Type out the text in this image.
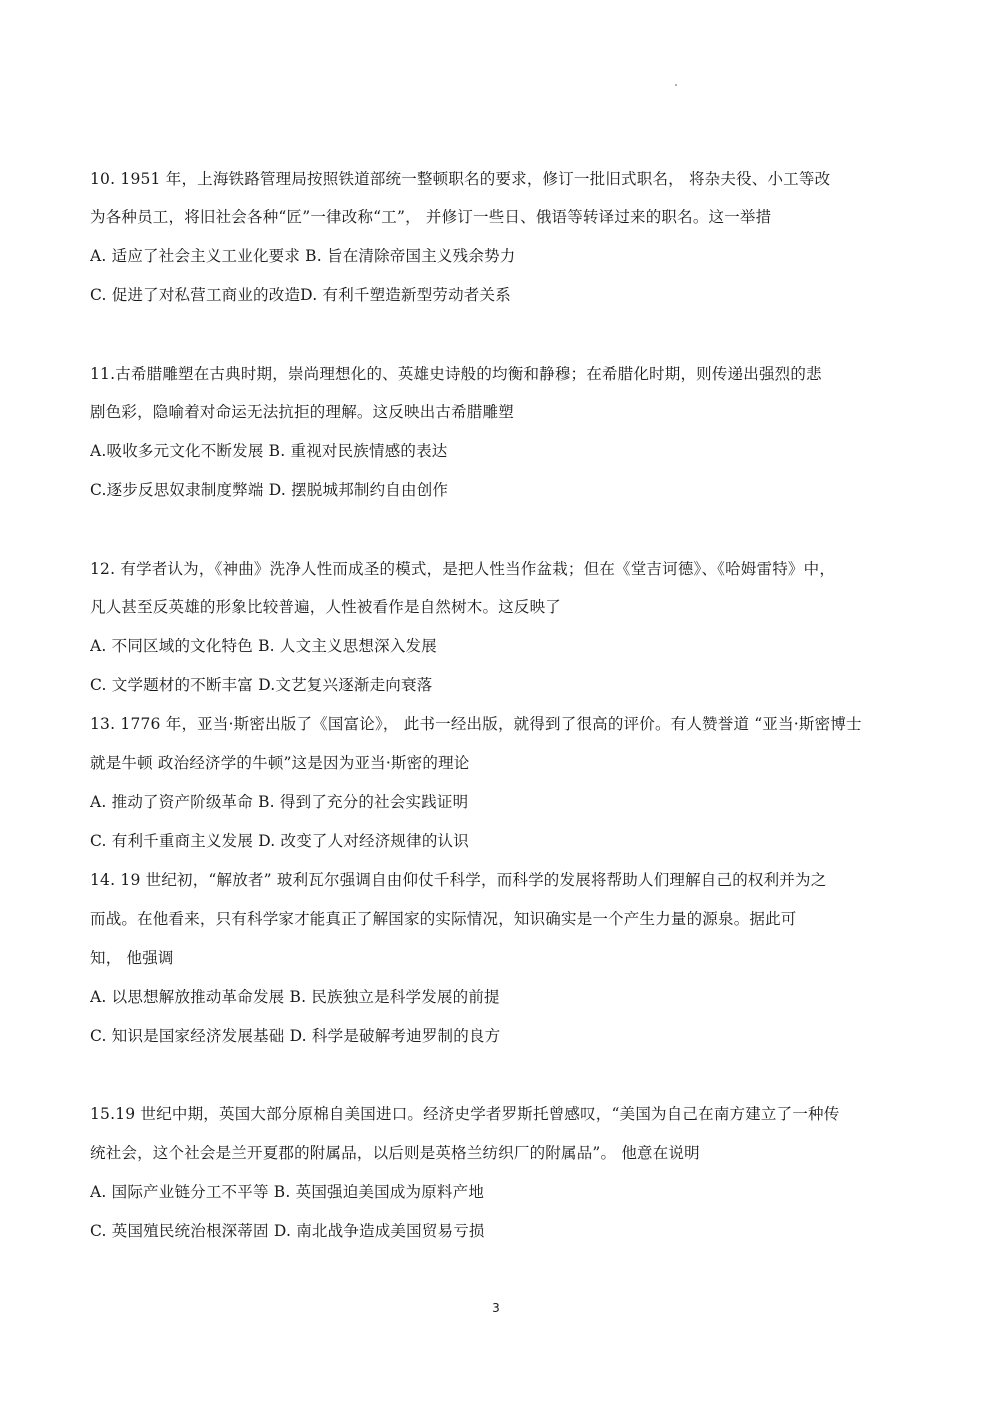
10. 1951 年，上海铁路管理局按照铁道部统一整顿职名的要求，修订一批旧式职名， 将杂夫役、小工等改
为各种员工，将旧社会各种“匠”一律改称“工”， 并修订一些日、俄语等转译过来的职名。这一举措
A. 适应了社会主义工业化要求 B. 旨在清除帝国主义残余势力
C. 促进了对私营工商业的改造D. 有利千塑造新型劳动者关系
11.古希腊雕塑在古典时期，崇尚理想化的、英雄史诗般的均衡和静穆；在希腊化时期，则传递出强烈的悲
剧色彩，隐喻着对命运无法抗拒的理解。这反映出古希腊雕塑
A.吸收多元文化不断发展 B. 重视对民族情感的表达
C.逐步反思奴隶制度弊端 D. 摆脱城邦制约自由创作
12. 有学者认为，《神曲》洗净人性而成圣的模式，是把人性当作盆栽；但在《堂吉诃德》、《哈姆雷特》中，
凡人甚至反英雄的形象比较普遍，人性被看作是自然树木。这反映了
A. 不同区域的文化特色 B. 人文主义思想深入发展
C. 文学题材的不断丰富 D.文艺复兴逐渐走向衰落
13. 1776 年，亚当·斯密出版了《国富论》， 此书一经出版，就得到了很高的评价。有人赞誉道 “亚当·斯密博士
就是牛顿 政治经济学的牛顿”这是因为亚当·斯密的理论
A. 推动了资产阶级革命 B. 得到了充分的社会实践证明
C. 有利千重商主义发展 D. 改变了人对经济规律的认识
14. 19 世纪初，“解放者” 玻利瓦尔强调自由仰仗千科学，而科学的发展将帮助人们理解自己的权利并为之
而战。在他看来，只有科学家才能真正了解国家的实际情况，知识确实是一个产生力量的源泉。据此可
知， 他强调
A. 以思想解放推动革命发展 B. 民族独立是科学发展的前提
C. 知识是国家经济发展基础 D. 科学是破解考迪罗制的良方
15.19 世纪中期，英国大部分原棉自美国进口。经济史学者罗斯托曾感叹，“美国为自己在南方建立了一种传
统社会，这个社会是兰开夏郡的附属品，以后则是英格兰纺织厂的附属品”。 他意在说明
A. 国际产业链分工不平等 B. 英国强迫美国成为原料产地
C. 英国殖民统治根深蒂固 D. 南北战争造成美国贸易亏损
3
